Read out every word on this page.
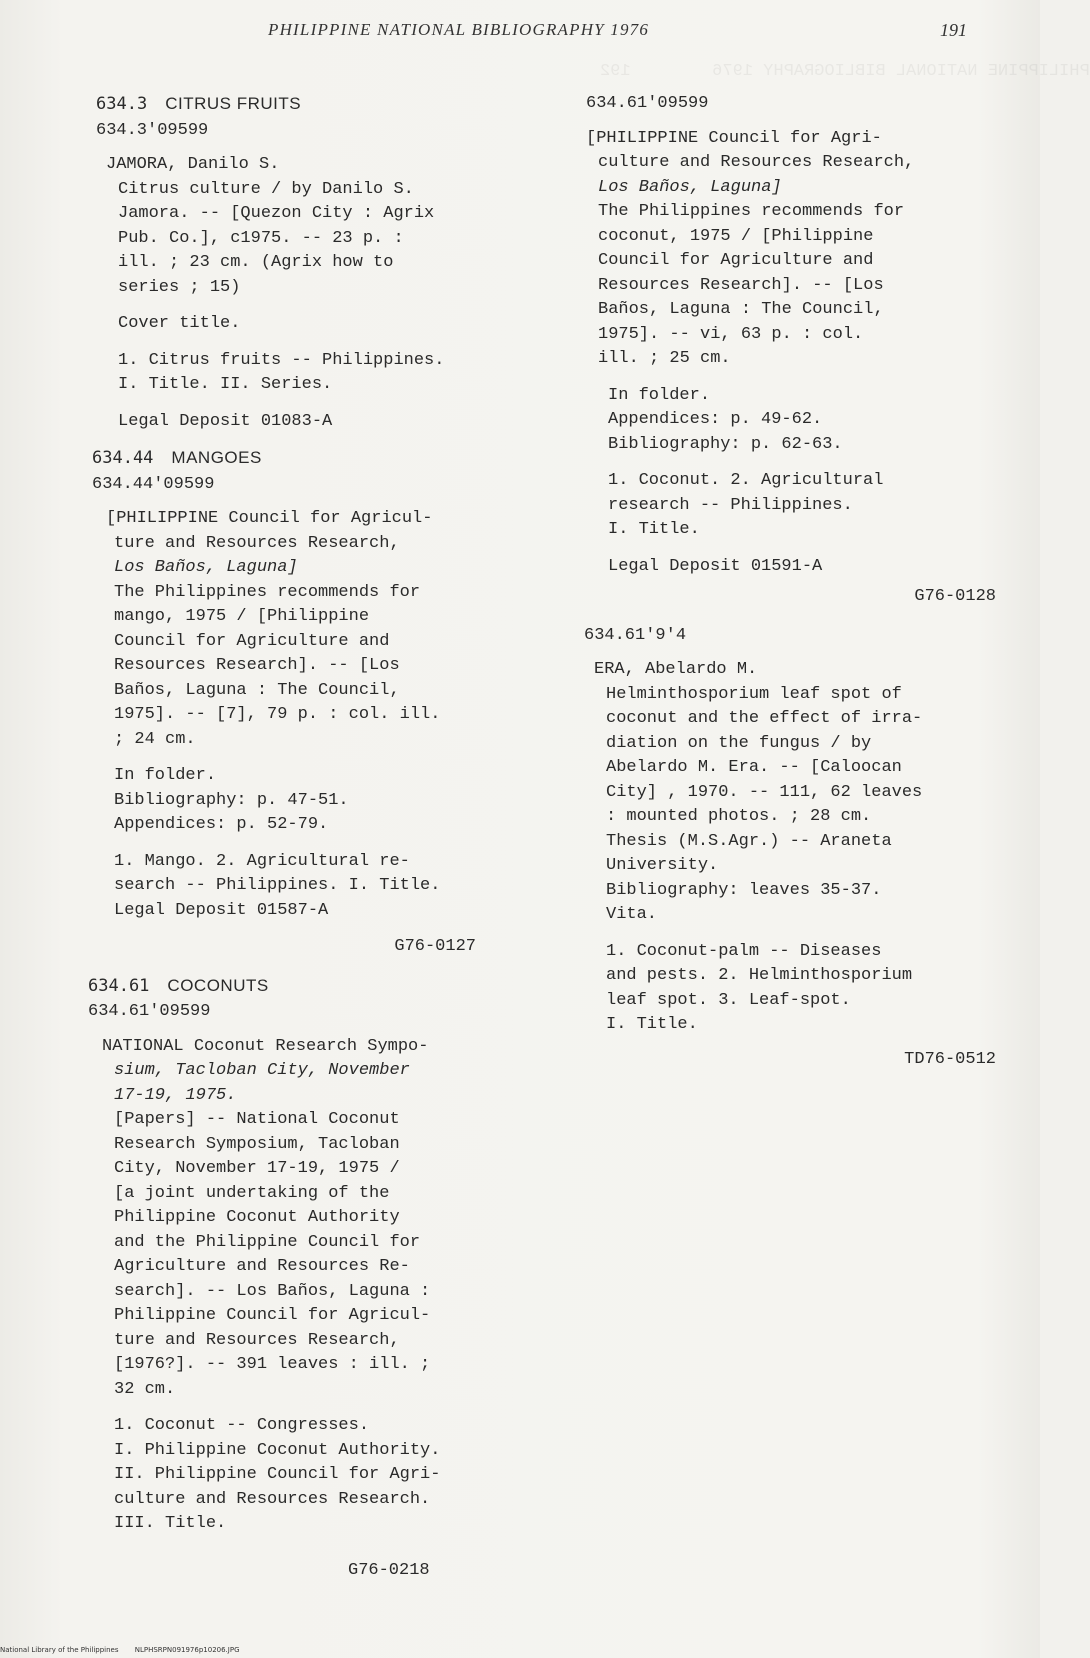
PHILIPPINE NATIONAL BIBLIOGRAPHY 1976        192
PHILIPPINE NATIONAL BIBLIOGRAPHY 1976	191

634.3 CITRUS FRUITS

634.3'09599

JAMORA, Danilo S.

Citrus culture / by Danilo S.

Jamora. -- [Quezon City : Agrix

Pub. Co.], c1975. -- 23 p. :

ill. ; 23 cm. (Agrix how to

series ; 15)

Cover title.

1. Citrus fruits -- Philippines.

I. Title. II. Series.

Legal Deposit 01083-A

634.44 MANGOES

634.44'09599

[PHILIPPINE Council for Agricul-

ture and Resources Research,

Los Baños, Laguna]

The Philippines recommends for

mango, 1975 / [Philippine

Council for Agriculture and

Resources Research]. -- [Los

Baños, Laguna : The Council,

1975]. -- [7], 79 p. : col. ill.

; 24 cm.

In folder.

Bibliography: p. 47-51.

Appendices: p. 52-79.

1. Mango. 2. Agricultural re-

search -- Philippines. I. Title.

Legal Deposit 01587-A

G76-0127

634.61 COCONUTS

634.61'09599

NATIONAL Coconut Research Sympo-

sium, Tacloban City, November

17-19, 1975.

[Papers] -- National Coconut

Research Symposium, Tacloban

City, November 17-19, 1975 /

[a joint undertaking of the

Philippine Coconut Authority

and the Philippine Council for

Agriculture and Resources Re-

search]. -- Los Baños, Laguna :

Philippine Council for Agricul-

ture and Resources Research,

[1976?]. -- 391 leaves : ill. ;

32 cm.

1. Coconut -- Congresses.

I. Philippine Coconut Authority.

II. Philippine Council for Agri-

culture and Resources Research.

III. Title.

G76-0218

634.61'09599

[PHILIPPINE Council for Agri-

culture and Resources Research,

Los Baños, Laguna]

The Philippines recommends for

coconut, 1975 / [Philippine

Council for Agriculture and

Resources Research]. -- [Los

Baños, Laguna : The Council,

1975]. -- vi, 63 p. : col.

ill. ; 25 cm.

In folder.

Appendices: p. 49-62.

Bibliography: p. 62-63.

1. Coconut. 2. Agricultural

research -- Philippines.

I. Title.

Legal Deposit 01591-A

G76-0128

634.61'9'4

ERA, Abelardo M.

Helminthosporium leaf spot of

coconut and the effect of irra-

diation on the fungus / by

Abelardo M. Era. -- [Caloocan

City] , 1970. -- 111, 62 leaves

: mounted photos. ; 28 cm.

Thesis (M.S.Agr.) -- Araneta

University.

Bibliography: leaves 35-37.

Vita.

1. Coconut-palm -- Diseases

and pests. 2. Helminthosporium

leaf spot. 3. Leaf-spot.

I. Title.

TD76-0512

National Library of the Philippines NLPHSRPN091976p10206.JPG
